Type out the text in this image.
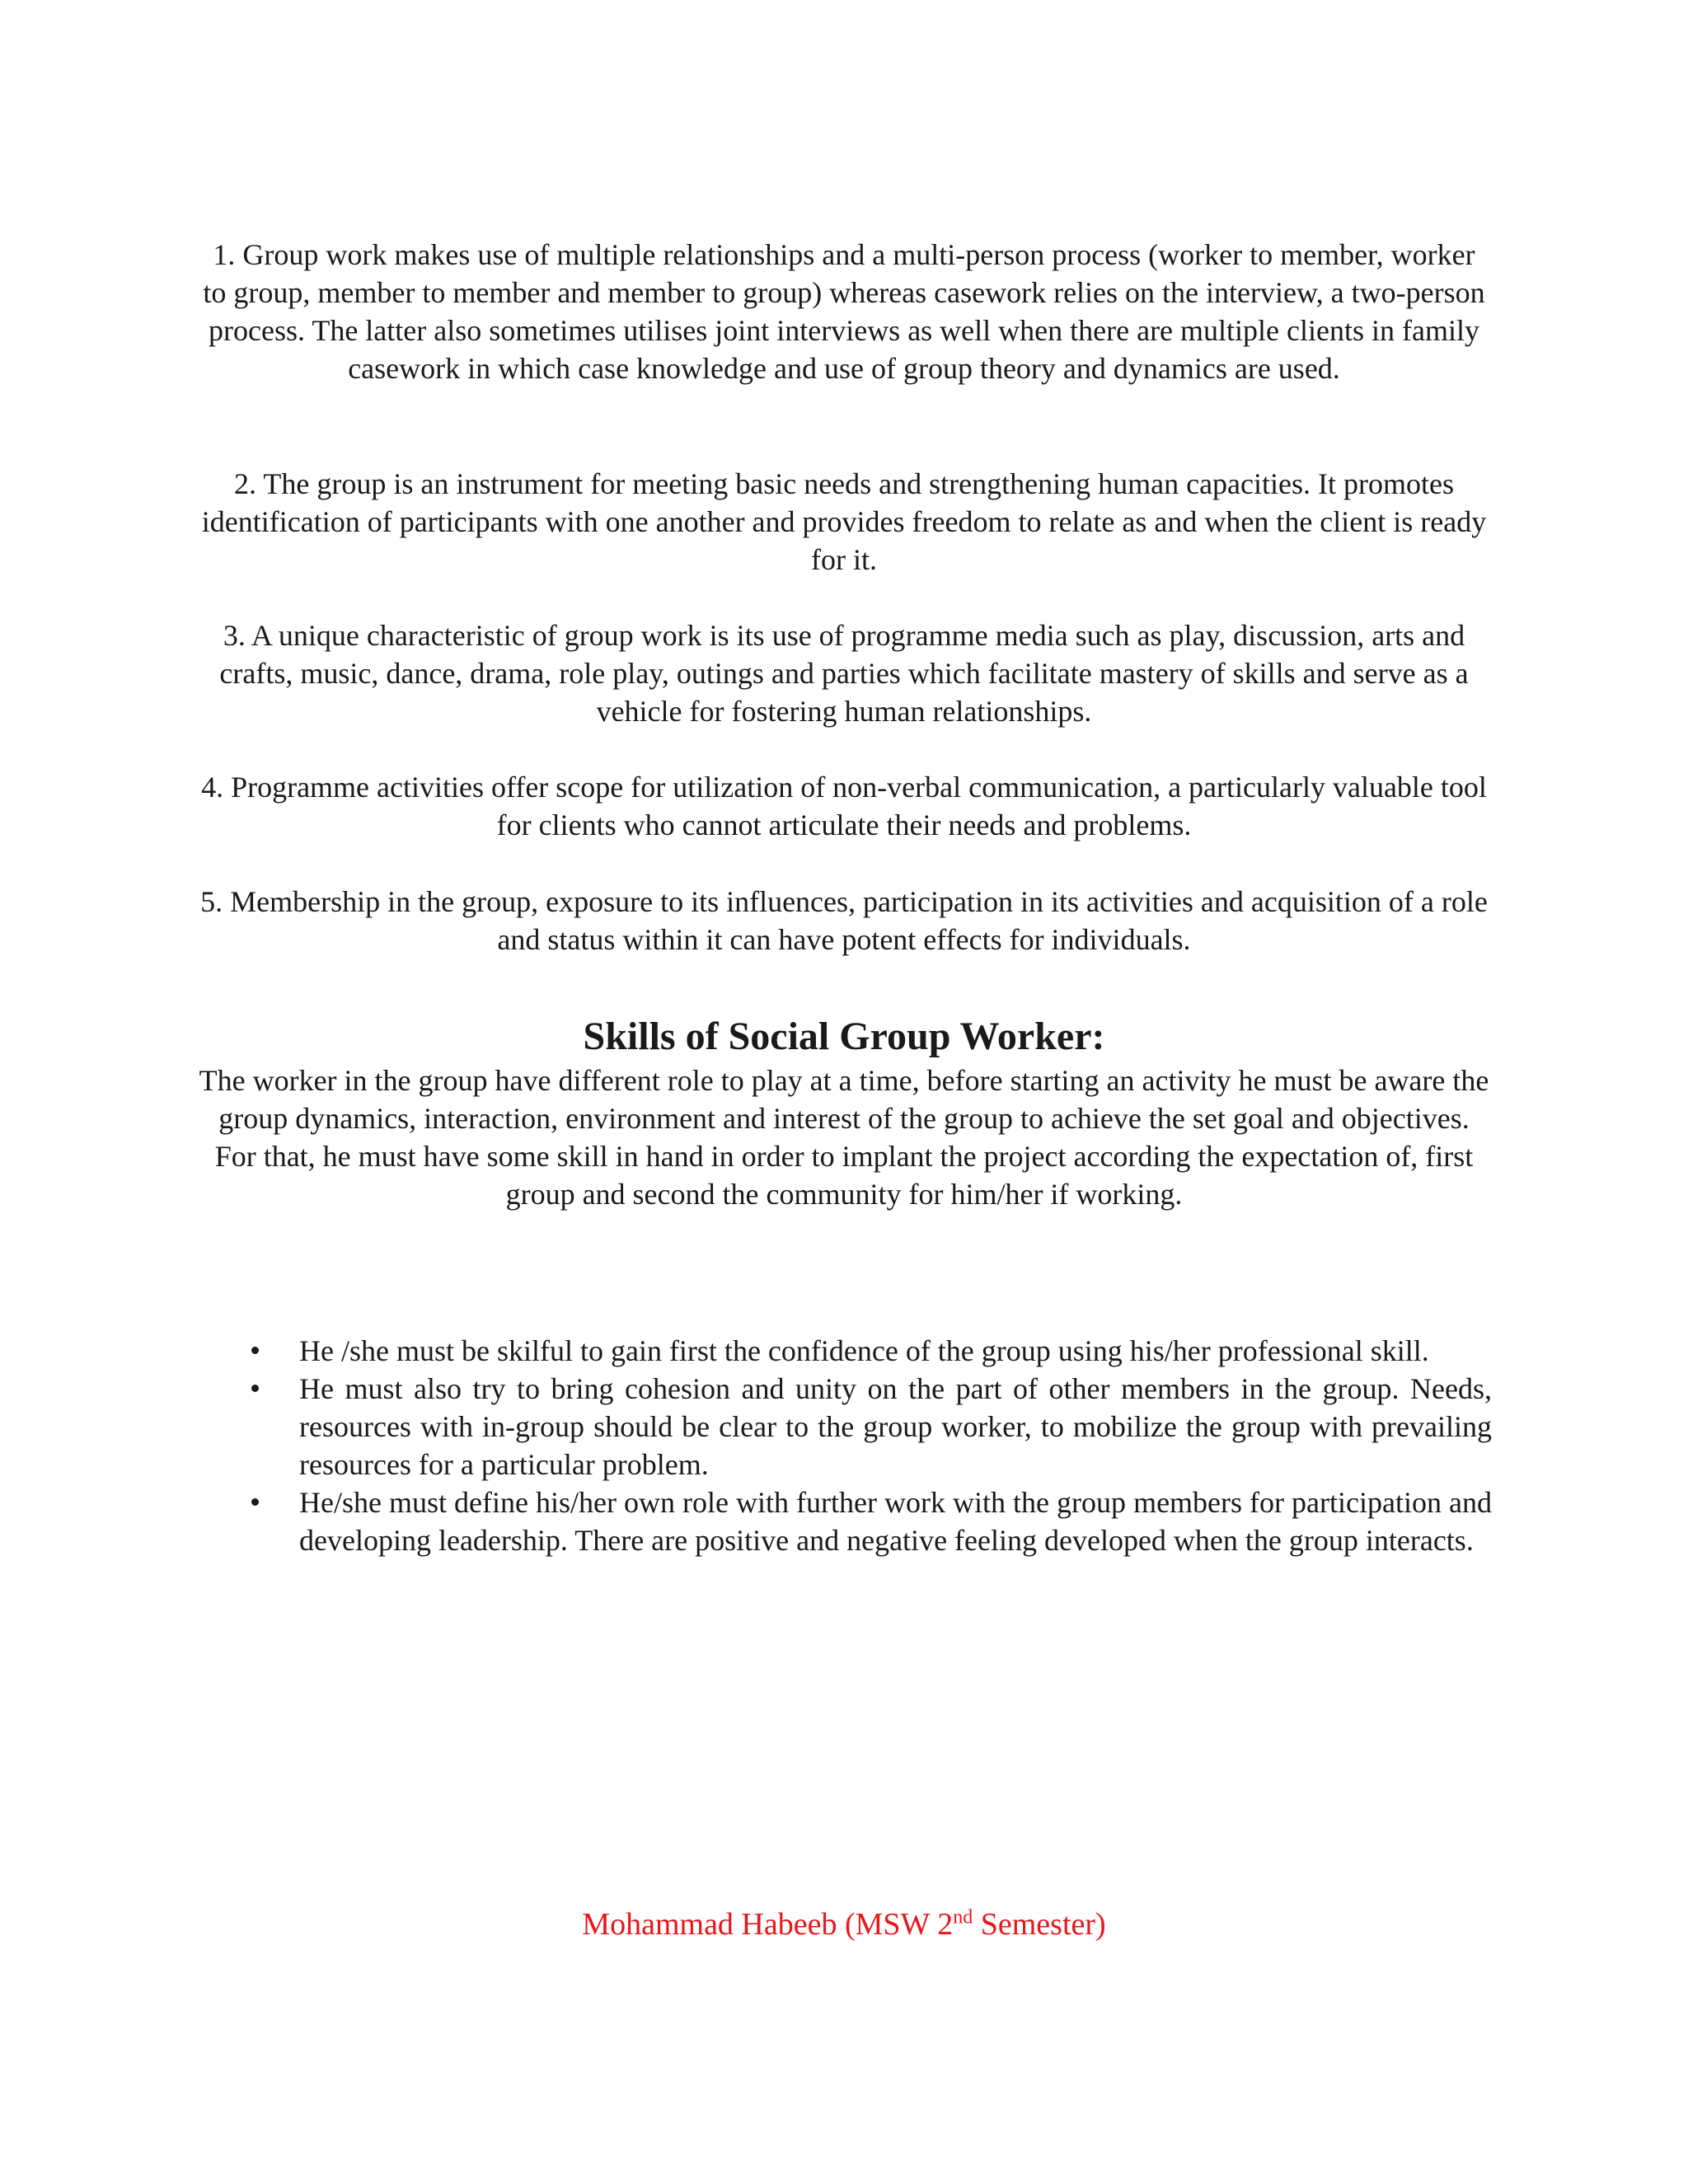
1. Group work makes use of multiple relationships and a multi-person process (worker to member, worker to group, member to member and member to group) whereas casework relies on the interview, a two-person process. The latter also sometimes utilises joint interviews as well when there are multiple clients in family casework in which case knowledge and use of group theory and dynamics are used.

2. The group is an instrument for meeting basic needs and strengthening human capacities. It promotes identification of participants with one another and provides freedom to relate as and when the client is ready for it.

3. A unique characteristic of group work is its use of programme media such as play, discussion, arts and crafts, music, dance, drama, role play, outings and parties which facilitate mastery of skills and serve as a vehicle for fostering human relationships.

4. Programme activities offer scope for utilization of non-verbal communication, a particularly valuable tool for clients who cannot articulate their needs and problems.

5. Membership in the group, exposure to its influences, participation in its activities and acquisition of a role and status within it can have potent effects for individuals.

Skills of Social Group Worker:

The worker in the group have different role to play at a time, before starting an activity he must be aware the group dynamics, interaction, environment and interest of the group to achieve the set goal and objectives. For that, he must have some skill in hand in order to implant the project according the expectation of, first group and second the community for him/her if working.

He /she must be skilful to gain first the confidence of the group using his/her professional skill.
He must also try to bring cohesion and unity on the part of other members in the group. Needs, resources with in-group should be clear to the group worker, to mobilize the group with prevailing resources for a particular problem.
He/she must define his/her own role with further work with the group members for participation and developing leadership. There are positive and negative feeling developed when the group interacts.
Mohammad Habeeb (MSW 2nd Semester)
